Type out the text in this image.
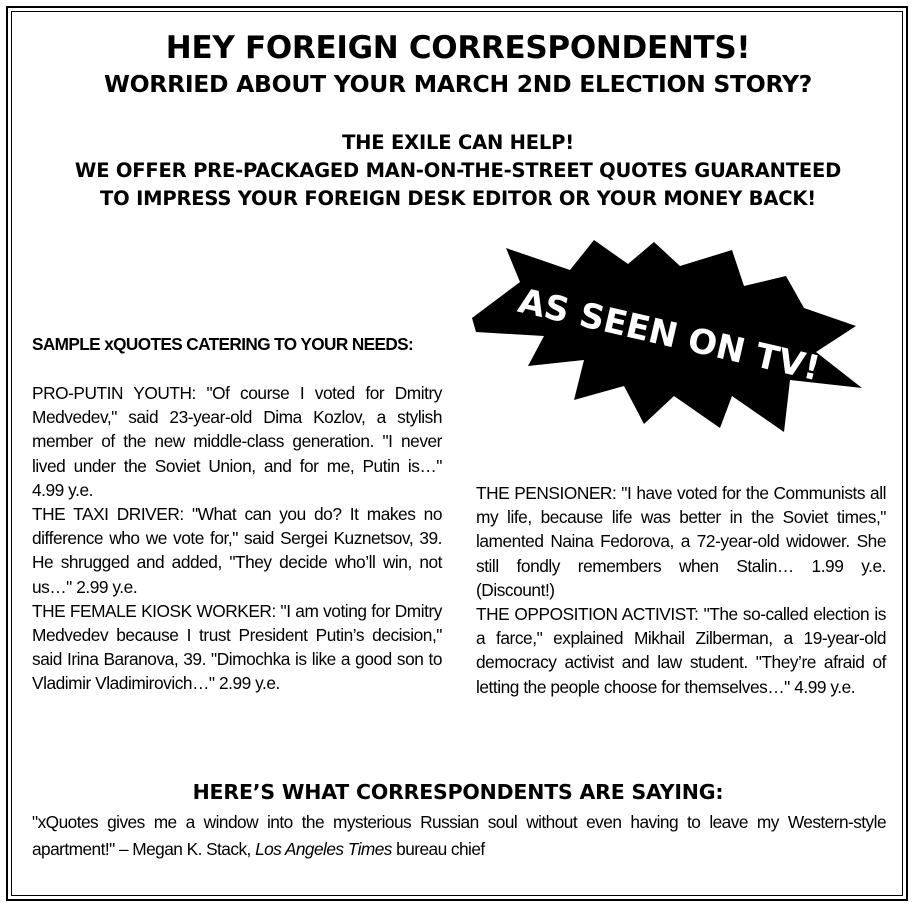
HEY FOREIGN CORRESPONDENTS!
WORRIED ABOUT YOUR MARCH 2ND ELECTION STORY?
THE EXILE CAN HELP!
WE OFFER PRE-PACKAGED MAN-ON-THE-STREET QUOTES GUARANTEED
TO IMPRESS YOUR FOREIGN DESK EDITOR OR YOUR MONEY BACK!
AS SEEN ON TV!
SAMPLE xQUOTES CATERING TO YOUR NEEDS:

PRO-PUTIN YOUTH: "Of course I voted for Dmitry Medvedev," said 23-year-old Dima Kozlov, a stylish member of the new middle-class generation. "I never lived under the Soviet Union, and for me, Putin is…" 4.99 y.e.

THE TAXI DRIVER: "What can you do? It makes no difference who we vote for," said Sergei Kuznetsov, 39. He shrugged and added, "They decide who’ll win, not us…" 2.99 y.e.

THE FEMALE KIOSK WORKER: "I am voting for Dmitry Medvedev because I trust President Putin’s decision," said Irina Baranova, 39. "Dimochka is like a good son to Vladimir Vladimirovich…" 2.99 y.e.

THE PENSIONER: "I have voted for the Communists all my life, because life was better in the Soviet times," lamented Naina Fedorova, a 72-year-old widower. She still fondly remembers when Stalin… 1.99 y.e. (Discount!)

THE OPPOSITION ACTIVIST: "The so-called election is a farce," explained Mikhail Zilberman, a 19-year-old democracy activist and law student. "They’re afraid of letting the people choose for themselves…" 4.99 y.e.

HERE’S WHAT CORRESPONDENTS ARE SAYING:
"xQuotes gives me a window into the mysterious Russian soul without even having to leave my Western-style apartment!" – Megan K. Stack, Los Angeles Times bureau chief
